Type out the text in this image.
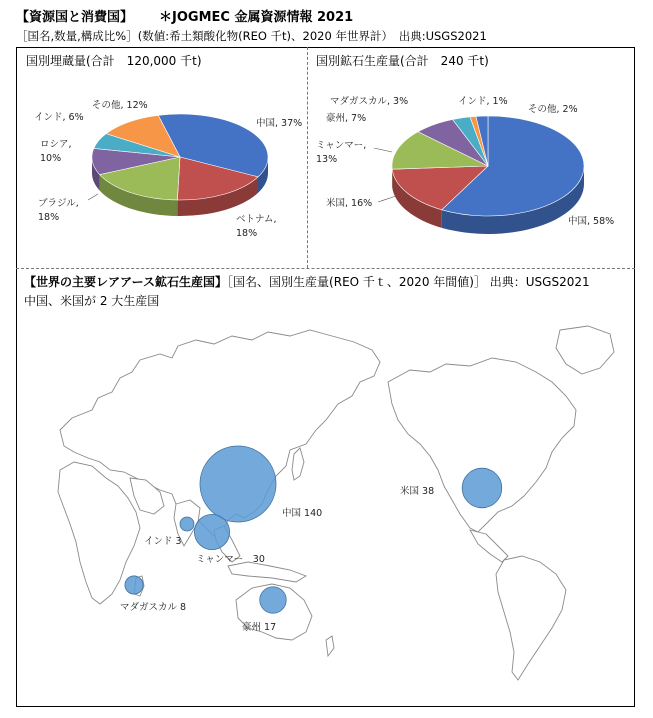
【資源国と消費国】 ＊JOGMEC 金属資源情報 2021
［国名,数量,構成比%］(数値:希土類酸化物(REO 千t)、2020 年世界計）　出典:USGS2021
国別埋蔵量(合計　120,000 千t)	国別鉱石生産量(合計　240 千t)
【世界の主要レアアース鉱石生産国】［国名、国別生産量(REO 千ｔ、2020 年間値)］ 出典：USGS2021
中国、米国が 2 大生産国
中国, 37%
ベトナム, 18%
ブラジル, 18%
ロシア, 10%
インド, 6%
その他, 12%
中国, 58%
米国, 16%
ミャンマー, 13%
豪州, 7%
マダガスカル, 3%	インド, 1%
その他, 2%
中国 140
米国 38
ミャンマー　30
豪州 17
マダガスカル 8
インド 3
